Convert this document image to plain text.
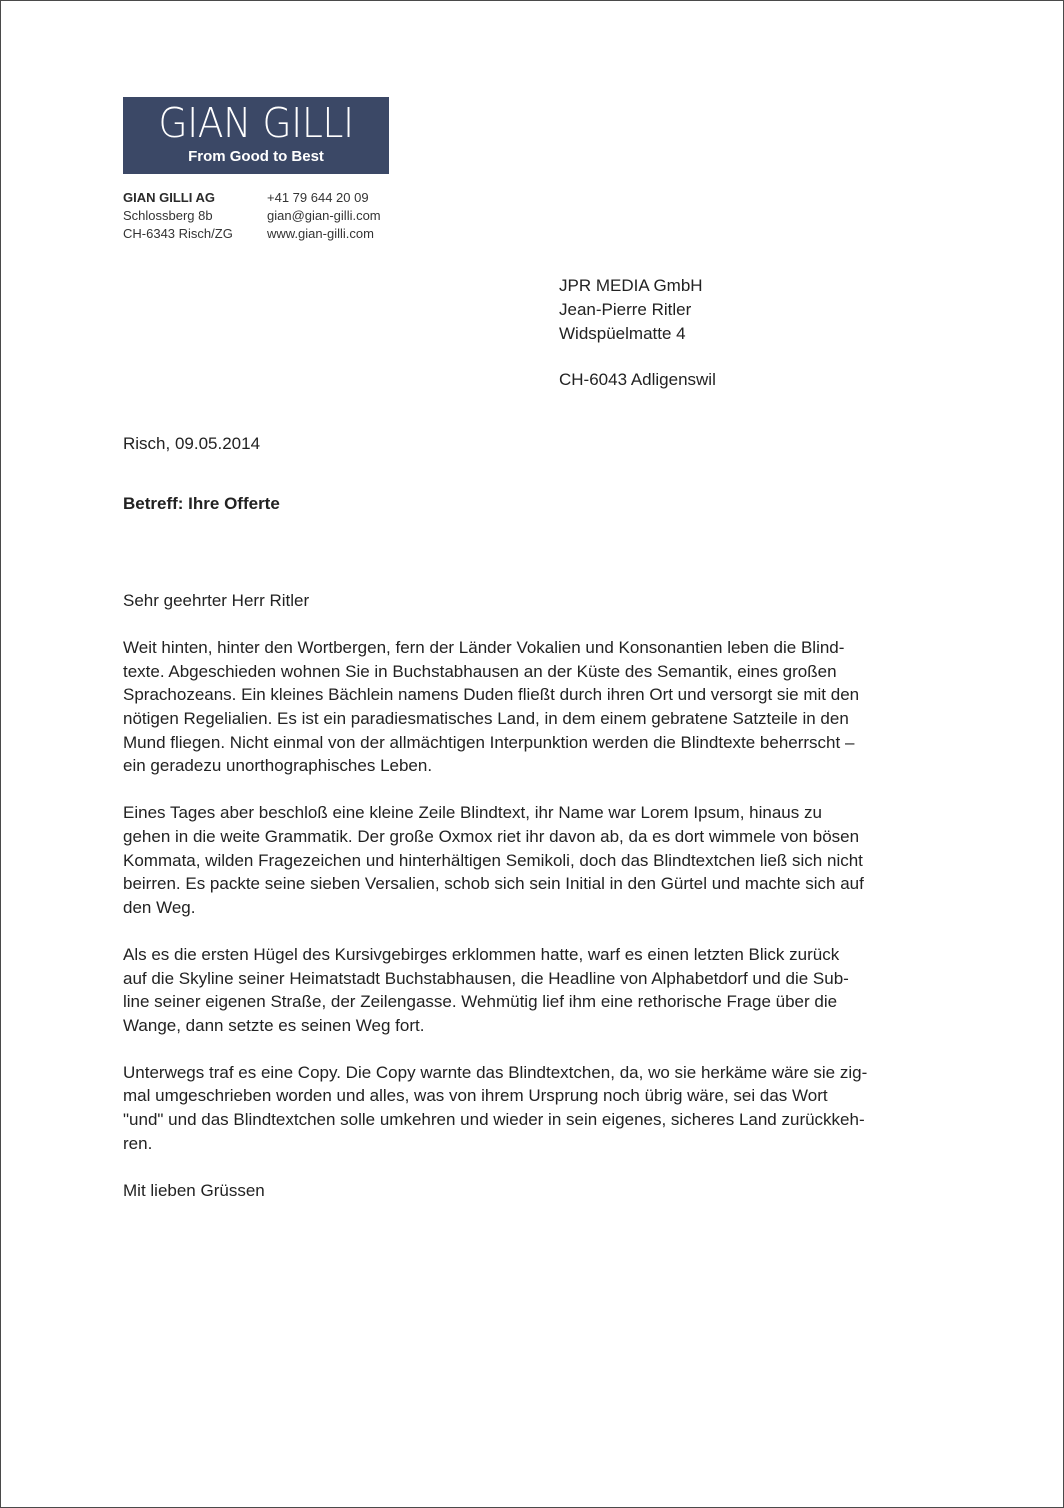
GIAN GILLI
From Good to Best
GIAN GILLI AG
Schlossberg 8b
CH-6343 Risch/ZG
+41 79 644 20 09
gian@gian-gilli.com
www.gian-gilli.com
JPR MEDIA GmbH
Jean-Pierre Ritler
Widspüelmatte 4
CH-6043 Adligenswil
Risch, 09.05.2014
Betreff: Ihre Offerte

Sehr geehrter Herr Ritler

Weit hinten, hinter den Wortbergen, fern der Länder Vokalien und Konsonantien leben die Blind-
texte. Abgeschieden wohnen Sie in Buchstabhausen an der Küste des Semantik, eines großen
Sprachozeans. Ein kleines Bächlein namens Duden fließt durch ihren Ort und versorgt sie mit den
nötigen Regelialien. Es ist ein paradiesmatisches Land, in dem einem gebratene Satzteile in den
Mund fliegen. Nicht einmal von der allmächtigen Interpunktion werden die Blindtexte beherrscht –
ein geradezu unorthographisches Leben.

Eines Tages aber beschloß eine kleine Zeile Blindtext, ihr Name war Lorem Ipsum, hinaus zu
gehen in die weite Grammatik. Der große Oxmox riet ihr davon ab, da es dort wimmele von bösen
Kommata, wilden Fragezeichen und hinterhältigen Semikoli, doch das Blindtextchen ließ sich nicht
beirren. Es packte seine sieben Versalien, schob sich sein Initial in den Gürtel und machte sich auf
den Weg.

Als es die ersten Hügel des Kursivgebirges erklommen hatte, warf es einen letzten Blick zurück
auf die Skyline seiner Heimatstadt Buchstabhausen, die Headline von Alphabetdorf und die Sub-
line seiner eigenen Straße, der Zeilengasse. Wehmütig lief ihm eine rethorische Frage über die
Wange, dann setzte es seinen Weg fort.

Unterwegs traf es eine Copy. Die Copy warnte das Blindtextchen, da, wo sie herkäme wäre sie zig-
mal umgeschrieben worden und alles, was von ihrem Ursprung noch übrig wäre, sei das Wort
"und" und das Blindtextchen solle umkehren und wieder in sein eigenes, sicheres Land zurückkeh-
ren.

Mit lieben Grüssen
